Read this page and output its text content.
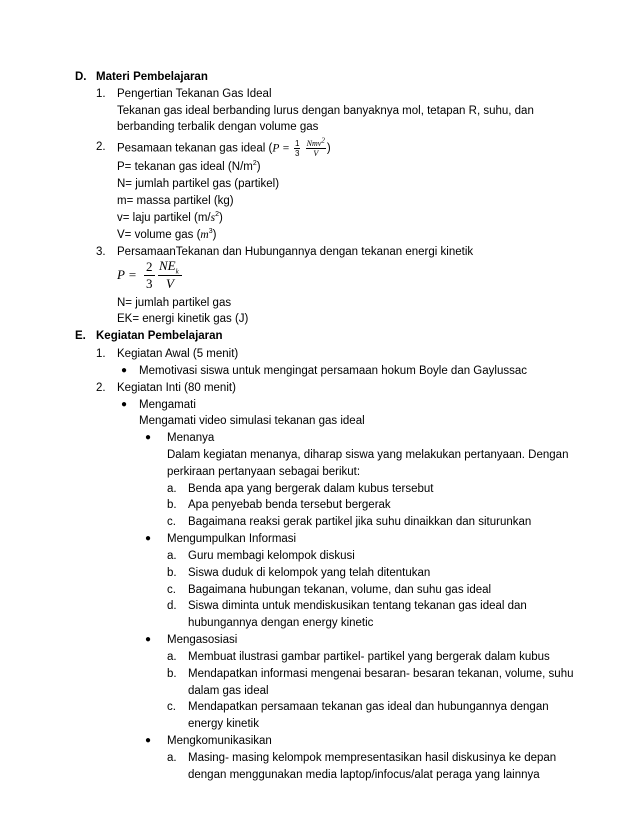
D. Materi Pembelajaran
1. Pengertian Tekanan Gas Ideal
Tekanan gas ideal berbanding lurus dengan banyaknya mol, tetapan R, suhu, dan
berbanding terbalik dengan volume gas
2. Pesamaan tekanan gas ideal ($P = \frac{1}{3}$
$\frac{\text{Nmv2}}{V}$ )
P= tekanan gas ideal $(N/m^2)$
N= jumlah partikel gas (partikel)
m= massa partikel (kg)
v= laju partikel $(m/s^2)$
V= volume gas $(m^3)$
3. PersamaanTekanan dan Hubungannya dengan tekanan energi kinetik
P =
2
3
$NE_k$
V
N= jumlah partikel gas
EK= energi kinetik gas (J)
E. Kegiatan Pembelajaran
1. Kegiatan Awal (5 menit)
● Memotivasi siswa untuk mengingat persamaan hokum Boyle dan Gaylussac
2. Kegiatan Inti (80 menit)
● Mengamati
Mengamati video simulasi tekanan gas ideal
● Menanya
Dalam kegiatan menanya, diharap siswa yang melakukan pertanyaan. Dengan
perkiraan pertanyaan sebagai berikut:
a. Benda apa yang bergerak dalam kubus tersebut
b. Apa penyebab benda tersebut bergerak
c. Bagaimana reaksi gerak partikel jika suhu dinaikkan dan siturunkan
● Mengumpulkan Informasi
a. Guru membagi kelompok diskusi
b. Siswa duduk di kelompok yang telah ditentukan
c. Bagaimana hubungan tekanan, volume, dan suhu gas ideal
d. Siswa diminta untuk mendiskusikan tentang tekanan gas ideal dan
hubungannya dengan energy kinetic
● Mengasosiasi
a. Membuat ilustrasi gambar partikel- partikel yang bergerak dalam kubus
b. Mendapatkan informasi mengenai besaran- besaran tekanan, volume, suhu
dalam gas ideal
c. Mendapatkan persamaan tekanan gas ideal dan hubungannya dengan
energy kinetik
● Mengkomunikasikan
a. Masing- masing kelompok mempresentasikan hasil diskusinya ke depan
dengan menggunakan media laptop/infocus/alat peraga yang lainnya
